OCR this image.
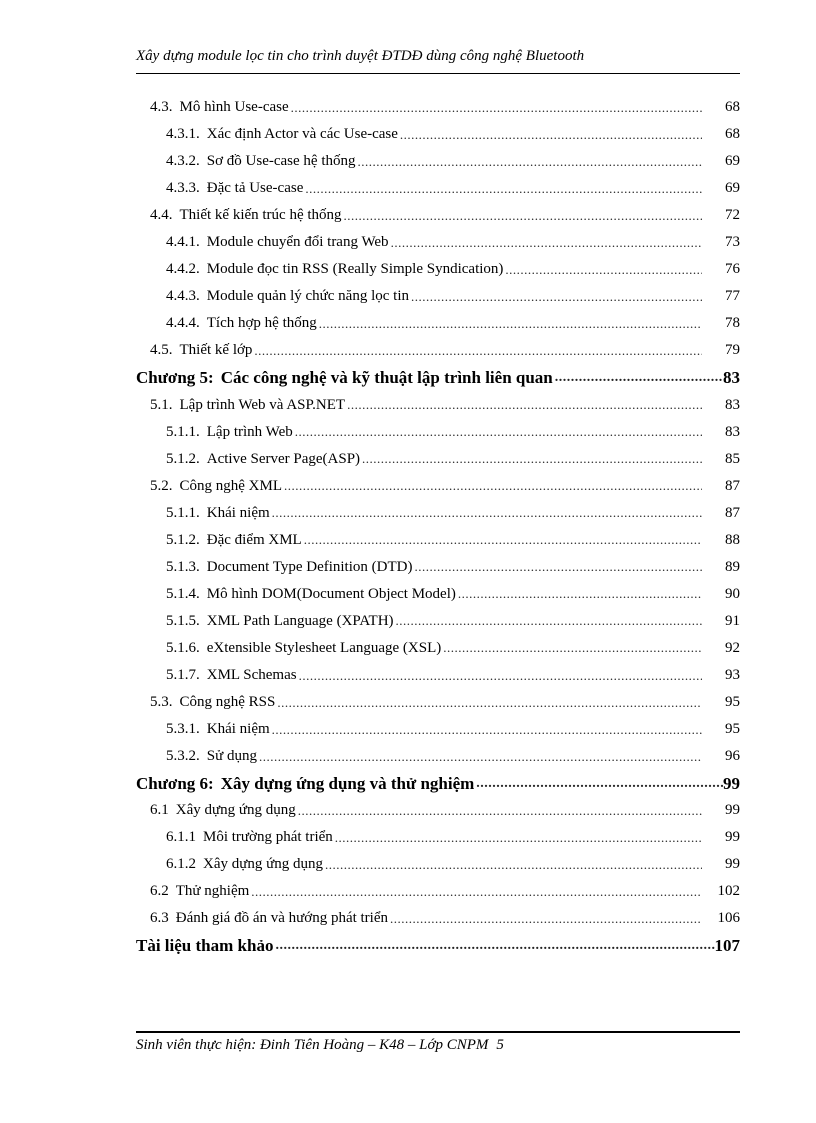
Xây dựng module lọc tin cho trình duyệt ĐTDĐ dùng công nghệ Bluetooth
4.3. Mô hình Use-case .....	68
4.3.1. Xác định Actor và các Use-case .....	68
4.3.2. Sơ đồ Use-case hệ thống .....	69
4.3.3. Đặc tả Use-case .....	69
4.4. Thiết kế kiến trúc hệ thống .....	72
4.4.1. Module chuyển đổi trang Web .....	73
4.4.2. Module đọc tin RSS (Really Simple Syndication) .....	76
4.4.3. Module quản lý chức năng lọc tin .....	77
4.4.4. Tích hợp hệ thống .....	78
4.5. Thiết kế lớp .....	79
Chương 5: Các công nghệ và kỹ thuật lập trình liên quan .....	83
5.1. Lập trình Web và ASP.NET .....	83
5.1.1. Lập trình Web .....	83
5.1.2. Active Server Page(ASP) .....	85
5.2. Công nghệ XML .....	87
5.1.1. Khái niệm .....	87
5.1.2. Đặc điểm XML .....	88
5.1.3. Document Type Definition (DTD) .....	89
5.1.4. Mô hình DOM(Document Object Model) .....	90
5.1.5. XML Path Language (XPATH) .....	91
5.1.6. eXtensible Stylesheet Language (XSL) .....	92
5.1.7. XML Schemas .....	93
5.3. Công nghệ RSS .....	95
5.3.1. Khái niệm .....	95
5.3.2. Sử dụng .....	96
Chương 6: Xây dựng ứng dụng và thử nghiệm .....	99
6.1 Xây dựng ứng dụng .....	99
6.1.1 Môi trường phát triển .....	99
6.1.2 Xây dựng ứng dụng .....	99
6.2 Thử nghiệm .....	102
6.3 Đánh giá đồ án và hướng phát triển .....	106
Tài liệu tham khảo .....	107
Sinh viên thực hiện: Đinh Tiên Hoàng – K48 – Lớp CNPM 5
